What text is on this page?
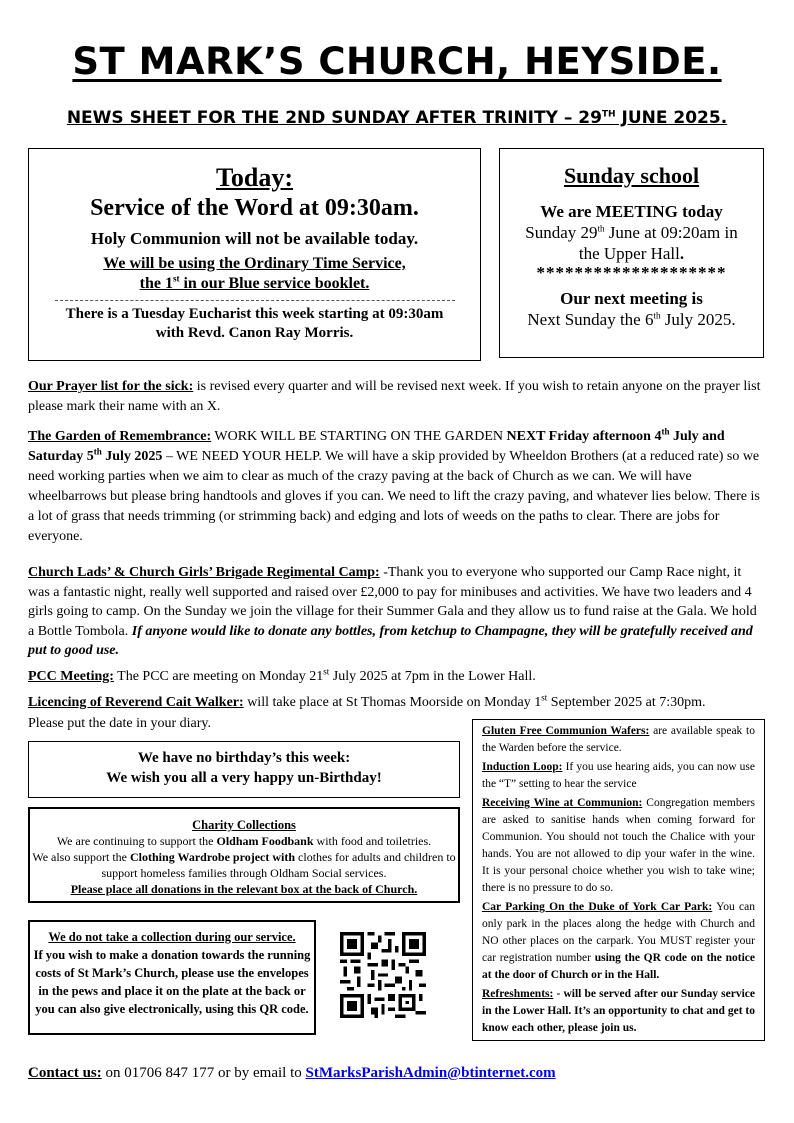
ST MARK’S CHURCH, HEYSIDE.
NEWS SHEET FOR THE 2ND SUNDAY AFTER TRINITY – 29TH JUNE 2025.
Today:
Service of the Word at 09:30am.
Holy Communion will not be available today.
We will be using the Ordinary Time Service,
the 1st in our Blue service booklet.
There is a Tuesday Eucharist this week starting at 09:30am
with Revd. Canon Ray Morris.
Sunday school
We are MEETING today
Sunday 29th June at 09:20am in
the Upper Hall.
********************
Our next meeting is
Next Sunday the 6th July 2025.
Our Prayer list for the sick: is revised every quarter and will be revised next week. If you wish to retain anyone on the prayer list please mark their name with an X.
The Garden of Remembrance: WORK WILL BE STARTING ON THE GARDEN NEXT Friday afternoon 4th July and Saturday 5th July 2025 – WE NEED YOUR HELP. We will have a skip provided by Wheeldon Brothers (at a reduced rate) so we need working parties when we aim to clear as much of the crazy paving at the back of Church as we can. We will have wheelbarrows but please bring handtools and gloves if you can. We need to lift the crazy paving, and whatever lies below. There is a lot of grass that needs trimming (or strimming back) and edging and lots of weeds on the paths to clear. There are jobs for everyone.
Church Lads’ & Church Girls’ Brigade Regimental Camp: -Thank you to everyone who supported our Camp Race night, it was a fantastic night, really well supported and raised over £2,000 to pay for minibuses and activities. We have two leaders and 4 girls going to camp. On the Sunday we join the village for their Summer Gala and they allow us to fund raise at the Gala. We hold a Bottle Tombola. If anyone would like to donate any bottles, from ketchup to Champagne, they will be gratefully received and put to good use.
PCC Meeting: The PCC are meeting on Monday 21st July 2025 at 7pm in the Lower Hall.
Licencing of Reverend Cait Walker: will take place at St Thomas Moorside on Monday 1st September 2025 at 7:30pm.
Please put the date in your diary.
We have no birthday’s this week:
We wish you all a very happy un-Birthday!
Charity Collections
We are continuing to support the Oldham Foodbank with food and toiletries.
We also support the Clothing Wardrobe project with clothes for adults and children to support homeless families through Oldham Social services.
Please place all donations in the relevant box at the back of Church.
We do not take a collection during our service.
If you wish to make a donation towards the running costs of St Mark’s Church, please use the envelopes in the pews and place it on the plate at the back or you can also give electronically, using this QR code.

Gluten Free Communion Wafers: are available speak to the Warden before the service.

Induction Loop: If you use hearing aids, you can now use the “T” setting to hear the service

Receiving Wine at Communion: Congregation members are asked to sanitise hands when coming forward for Communion. You should not touch the Chalice with your hands. You are not allowed to dip your wafer in the wine. It is your personal choice whether you wish to take wine; there is no pressure to do so.

Car Parking On the Duke of York Car Park: You can only park in the places along the hedge with Church and NO other places on the carpark. You MUST register your car registration number using the QR code on the notice at the door of Church or in the Hall.

Refreshments: - will be served after our Sunday service in the Lower Hall. It’s an opportunity to chat and get to know each other, please join us.

Contact us: on 01706 847 177 or by email to StMarksParishAdmin@btinternet.com
